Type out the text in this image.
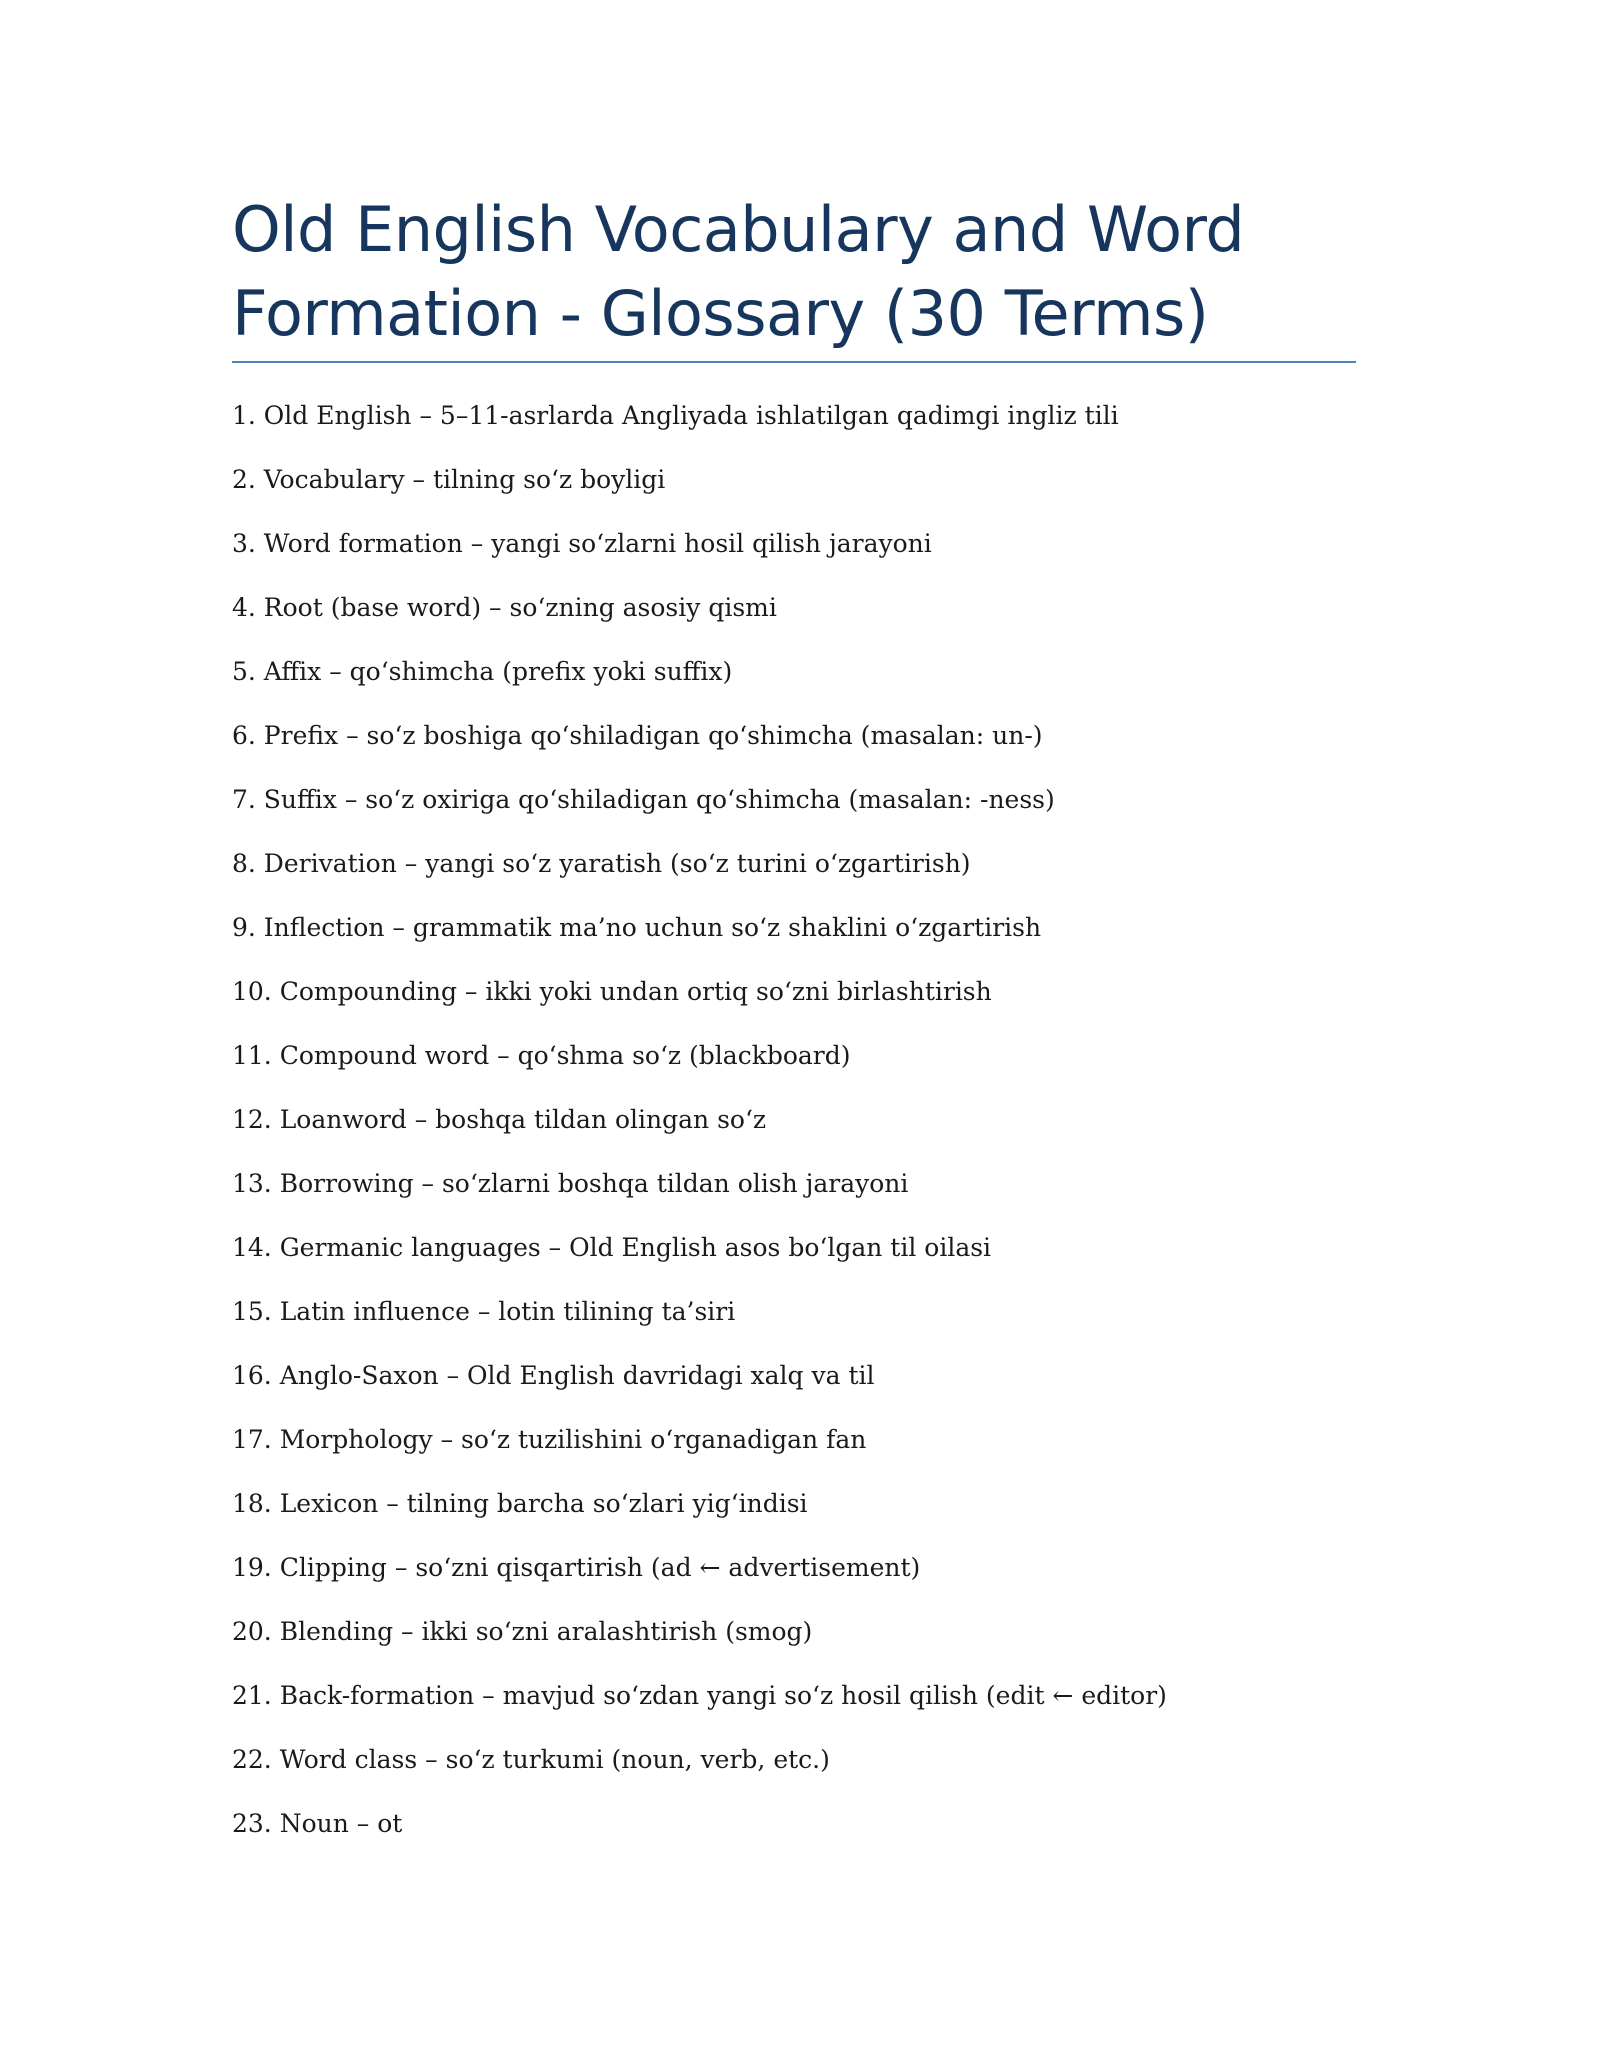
Old English Vocabulary and Word Formation - Glossary (30 Terms)
1. Old English – 5–11-asrlarda Angliyada ishlatilgan qadimgi ingliz tili
2. Vocabulary – tilning so‘z boyligi
3. Word formation – yangi so‘zlarni hosil qilish jarayoni
4. Root (base word) – so‘zning asosiy qismi
5. Affix – qo‘shimcha (prefix yoki suffix)
6. Prefix – so‘z boshiga qo‘shiladigan qo‘shimcha (masalan: un-)
7. Suffix – so‘z oxiriga qo‘shiladigan qo‘shimcha (masalan: -ness)
8. Derivation – yangi so‘z yaratish (so‘z turini o‘zgartirish)
9. Inflection – grammatik ma’no uchun so‘z shaklini o‘zgartirish
10. Compounding – ikki yoki undan ortiq so‘zni birlashtirish
11. Compound word – qo‘shma so‘z (blackboard)
12. Loanword – boshqa tildan olingan so‘z
13. Borrowing – so‘zlarni boshqa tildan olish jarayoni
14. Germanic languages – Old English asos bo‘lgan til oilasi
15. Latin influence – lotin tilining ta’siri
16. Anglo-Saxon – Old English davridagi xalq va til
17. Morphology – so‘z tuzilishini o‘rganadigan fan
18. Lexicon – tilning barcha so‘zlari yig‘indisi
19. Clipping – so‘zni qisqartirish (ad ← advertisement)
20. Blending – ikki so‘zni aralashtirish (smog)
21. Back-formation – mavjud so‘zdan yangi so‘z hosil qilish (edit ← editor)
22. Word class – so‘z turkumi (noun, verb, etc.)
23. Noun – ot
